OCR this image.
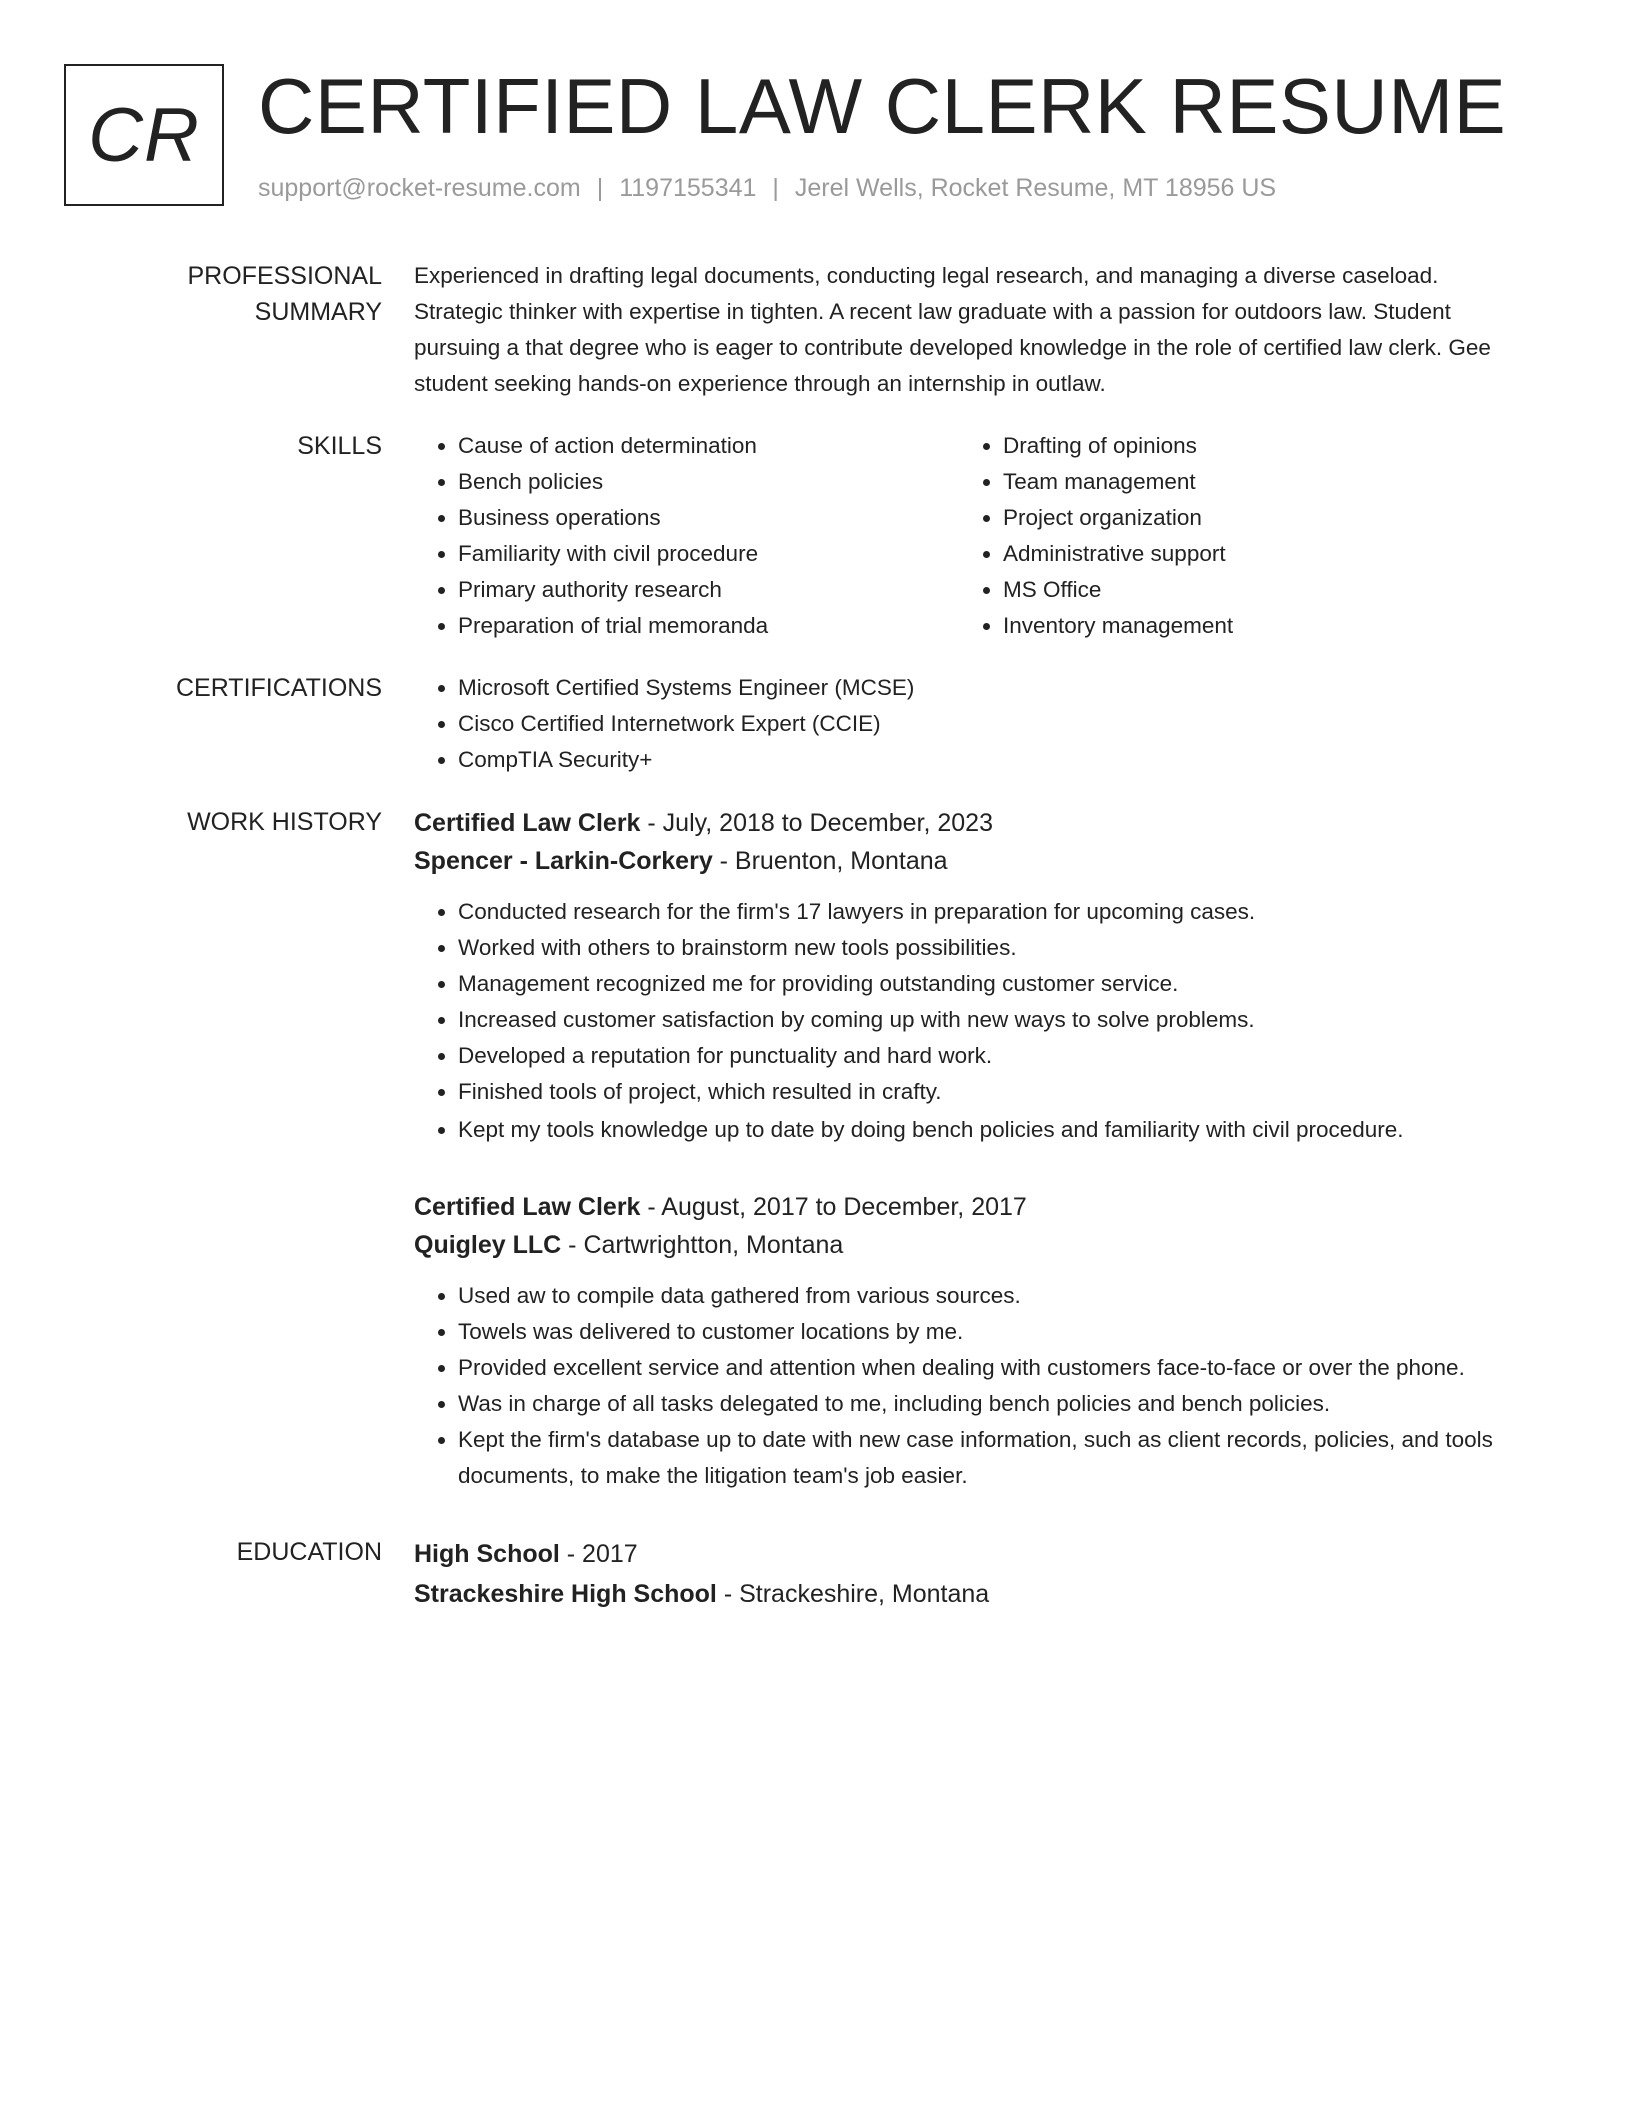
CR CERTIFIED LAW CLERK RESUME
support@rocket-resume.com | 1197155341 | Jerel Wells, Rocket Resume, MT 18956 US
PROFESSIONAL SUMMARY

Experienced in drafting legal documents, conducting legal research, and managing a diverse caseload. Strategic thinker with expertise in tighten. A recent law graduate with a passion for outdoors law. Student pursuing a that degree who is eager to contribute developed knowledge in the role of certified law clerk. Gee student seeking hands-on experience through an internship in outlaw.

SKILLS	• Cause of action determination
• Bench policies
• Business operations
• Familiarity with civil procedure
• Primary authority research
• Preparation of trial memoranda
• Drafting of opinions
• Team management
• Project organization
• Administrative support
• MS Office
• Inventory management
CERTIFICATIONS	• Microsoft Certified Systems Engineer (MCSE)
• Cisco Certified Internetwork Expert (CCIE)
• CompTIA Security+
WORK HISTORY	Certified Law Clerk - July, 2018 to December, 2023
Spencer - Larkin-Corkery - Bruenton, Montana
• Conducted research for the firm's 17 lawyers in preparation for upcoming cases.
• Worked with others to brainstorm new tools possibilities.
• Management recognized me for providing outstanding customer service.
• Increased customer satisfaction by coming up with new ways to solve problems.
• Developed a reputation for punctuality and hard work.
• Finished tools of project, which resulted in crafty.
• Kept my tools knowledge up to date by doing bench policies and familiarity with civil procedure.
Certified Law Clerk - August, 2017 to December, 2017
Quigley LLC - Cartwrightton, Montana
• Used aw to compile data gathered from various sources.
• Towels was delivered to customer locations by me.
• Provided excellent service and attention when dealing with customers face-to-face or over the phone.
• Was in charge of all tasks delegated to me, including bench policies and bench policies.
• Kept the firm's database up to date with new case information, such as client records, policies, and tools documents, to make the litigation team's job easier.
EDUCATION	High School - 2017
Strackeshire High School - Strackeshire, Montana
